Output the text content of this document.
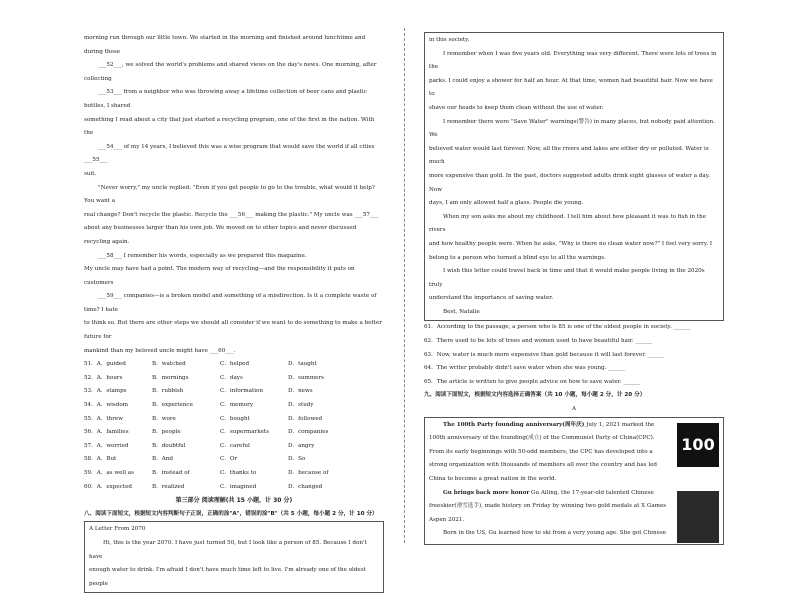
morning run through our little town. We started in the morning and finished around lunchtime and during those

___52___, we solved the world's problems and shared views on the day's news. One morning, after collecting

___53___ from a neighbor who was throwing away a lifetime collection of beer cans and plastic bottles, I shared

something I read about a city that just started a recycling program, one of the first in the nation. With the

___54___ of my 14 years, I believed this was a wise program that would save the world if all cities ___55___

suit.

"Never worry," my uncle replied. "Even if you get people to go to the trouble, what would it help? You want a

real change? Don't recycle the plastic. Recycle the ___56___ making the plastic." My uncle was ___57___

about any businesses larger than his own job. We moved on to other topics and never discussed recycling again.

___58___ I remember his words, especially as we prepared this magazine.

My uncle may have had a point. The modern way of recycling—and the responsibility it puts on customers

___59___ companies—is a broken model and something of a misdirection. Is it a complete waste of time? I hate

to think so. But there are other steps we should all consider if we want to do something to make a better future for

mankind than my beloved uncle might have ___60___.

51．A．guided	B．watched	C．helped	D．taught
52．A．hours	B．mornings	C．days	D．summers
53．A．stamps	B．rubbish	C．information	D．news
54．A．wisdom	B．experience	C．memory	D．study
55．A．threw	B．wore	C．bought	D．followed
56．A．families	B．people	C．supermarkets	D．companies
57．A．worried	B．doubtful	C．careful	D．angry
58．A．But	B．And	C．Or	D．So
59．A．as well as	B．instead of	C．thanks to	D．because of
60．A．expected	B．realized	C．imagined	D．changed

第三部分 阅读理解(共 15 小题，计 30 分)

八、阅读下面短文，根据短文内容判断句子正误，正确的涂"A"，错误的涂"B"（共 5 小题，每小题 2 分，计 10 分）

A Letter From 2070

Hi, this is the year 2070. I have just turned 50, but I look like a person of 85. Because I don't have

enough water to drink. I'm afraid I don't have much time left to live. I'm already one of the oldest people

in this society.

I remember when I was five years old. Everything was very different. There were lots of trees in the

parks. I could enjoy a shower for half an hour. At that time, women had beautiful hair. Now we have to

shave our heads to keep them clean without the use of water.

I remember there were "Save Water" warnings(警告) in many places, but nobody paid attention. We

believed water would last forever. Now, all the rivers and lakes are either dry or polluted. Water is much

more expensive than gold. In the past, doctors suggested adults drink eight glasses of water a day. Now

days, I am only allowed half a glass. People die young.

When my son asks me about my childhood. I tell him about how pleasant it was to fish in the rivers

and how healthy people were. When he asks, "Why is there no clean water now?" I feel very sorry. I

belong to a person who turned a blind eye to all the warnings.

I wish this letter could travel back in time and that it would make people living in the 2020s truly

understand the importance of saving water.

Best, Natalie

61．According to the passage, a person who is 85 is one of the oldest people in society. ______

62．There used to be lots of trees and women used to have beautiful hair. ______

63．Now, water is much more expensive than gold because it will last forever. ______

64．The writer probably didn't save water when she was young. ______

65．The article is written to give people advice on how to save water. ______

九、阅读下面短文，根据短文内容选择正确答案（共 10 小题，每小题 2 分，计 20 分）

A

The 100th Party founding anniversary(周年庆) July 1, 2021 marked the 100th anniversary of the founding(成立) of the Communist Party of China(CPC). From its early beginnings with 50-odd members, the CPC has developed into a strong organization with thousands of members all over the country and has led China to become a great nation in the world.

100

Gu brings back more honor Gu Ailing, the 17-year-old talented Chinese freeskier(滑雪选手), made history on Friday by winning two gold medals at X Games Aspen 2021.

Born in the US, Gu learned how to ski from a very young age. She got Chinese
